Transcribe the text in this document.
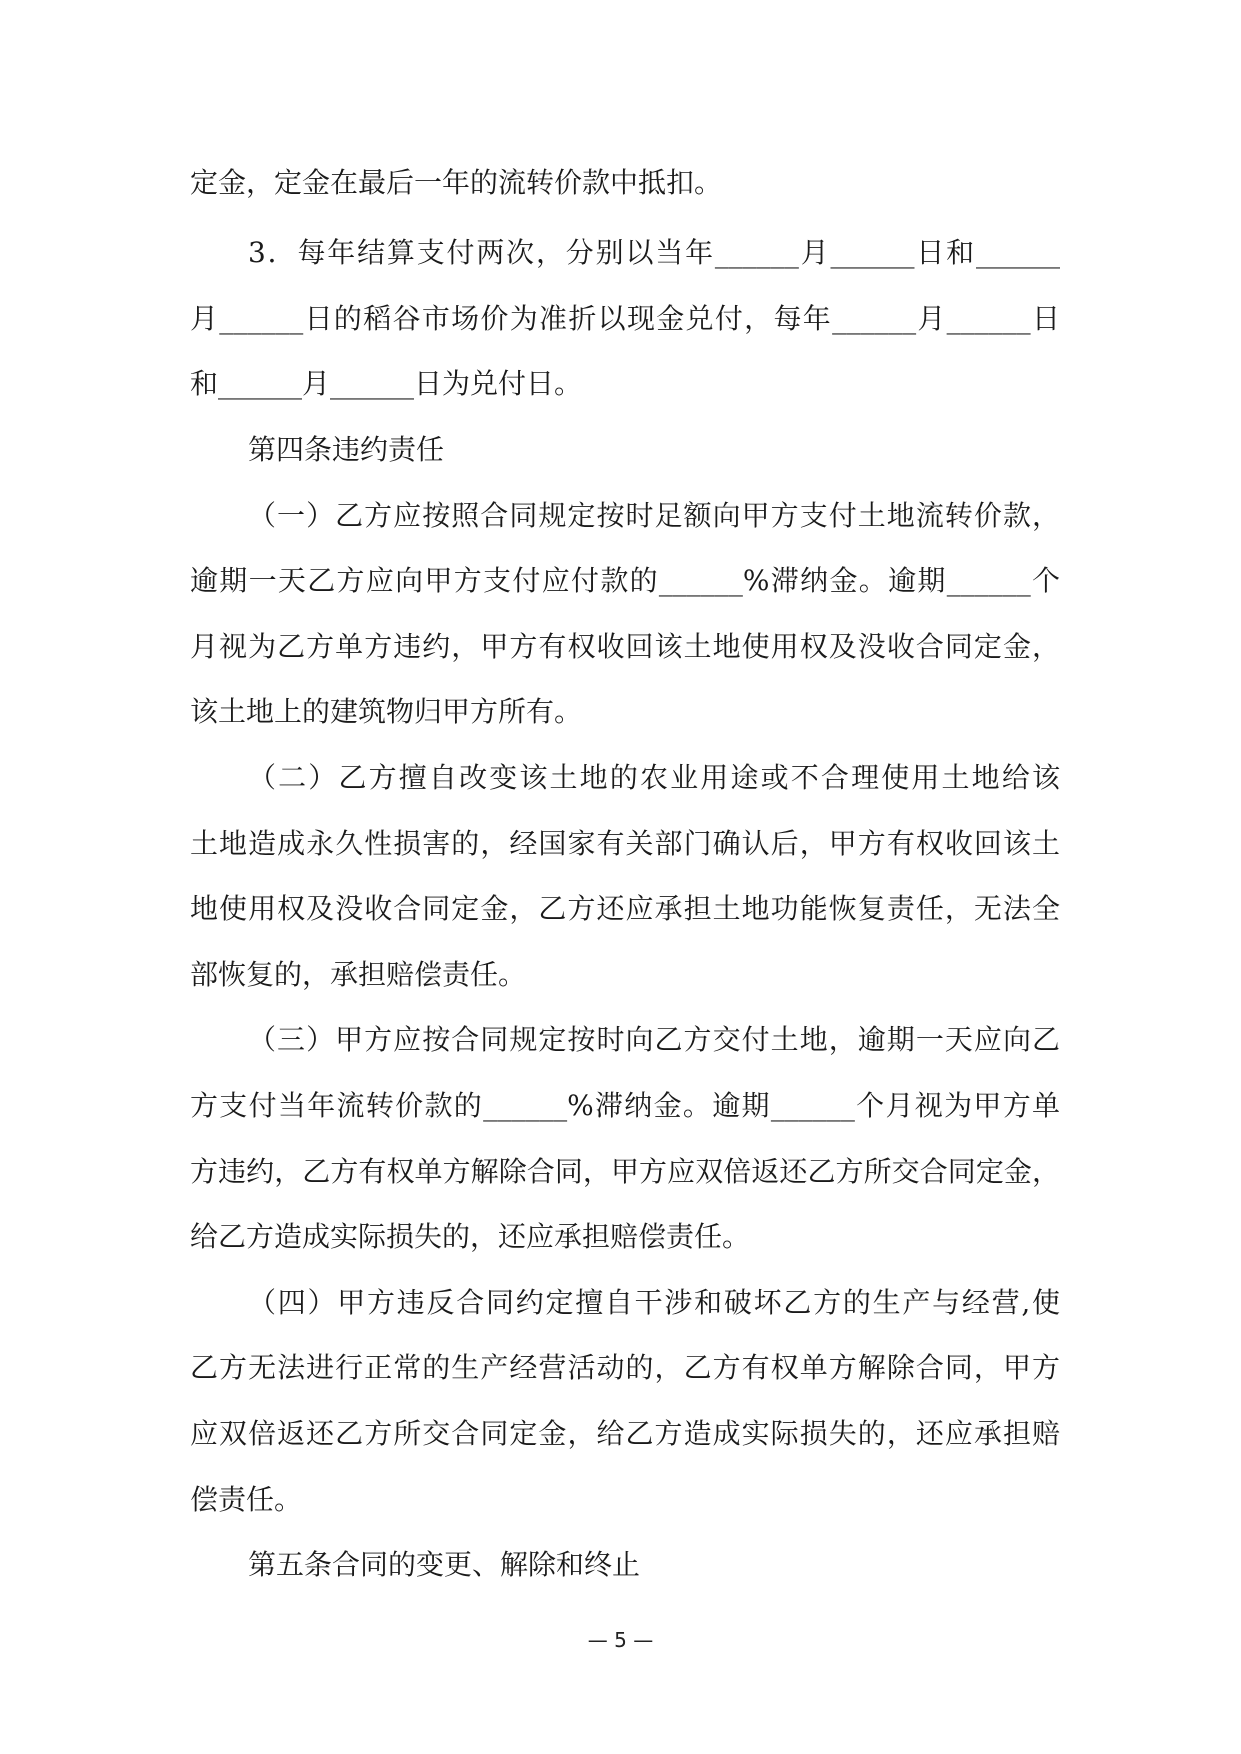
定金，定金在最后一年的流转价款中抵扣。
3．每年结算支付两次，分别以当年______月______日和______
月______日的稻谷市场价为准折以现金兑付，每年______月______日
和______月______日为兑付日。
第四条违约责任
（一）乙方应按照合同规定按时足额向甲方支付土地流转价款，
逾期一天乙方应向甲方支付应付款的______%滞纳金。逾期______个
月视为乙方单方违约，甲方有权收回该土地使用权及没收合同定金，
该土地上的建筑物归甲方所有。
（二）乙方擅自改变该土地的农业用途或不合理使用土地给该
土地造成永久性损害的，经国家有关部门确认后，甲方有权收回该土
地使用权及没收合同定金，乙方还应承担土地功能恢复责任，无法全
部恢复的，承担赔偿责任。
（三）甲方应按合同规定按时向乙方交付土地，逾期一天应向乙
方支付当年流转价款的______%滞纳金。逾期______个月视为甲方单
方违约，乙方有权单方解除合同，甲方应双倍返还乙方所交合同定金，
给乙方造成实际损失的，还应承担赔偿责任。
（四）甲方违反合同约定擅自干涉和破坏乙方的生产与经营,使
乙方无法进行正常的生产经营活动的，乙方有权单方解除合同，甲方
应双倍返还乙方所交合同定金，给乙方造成实际损失的，还应承担赔
偿责任。
第五条合同的变更、解除和终止
— 5 —
